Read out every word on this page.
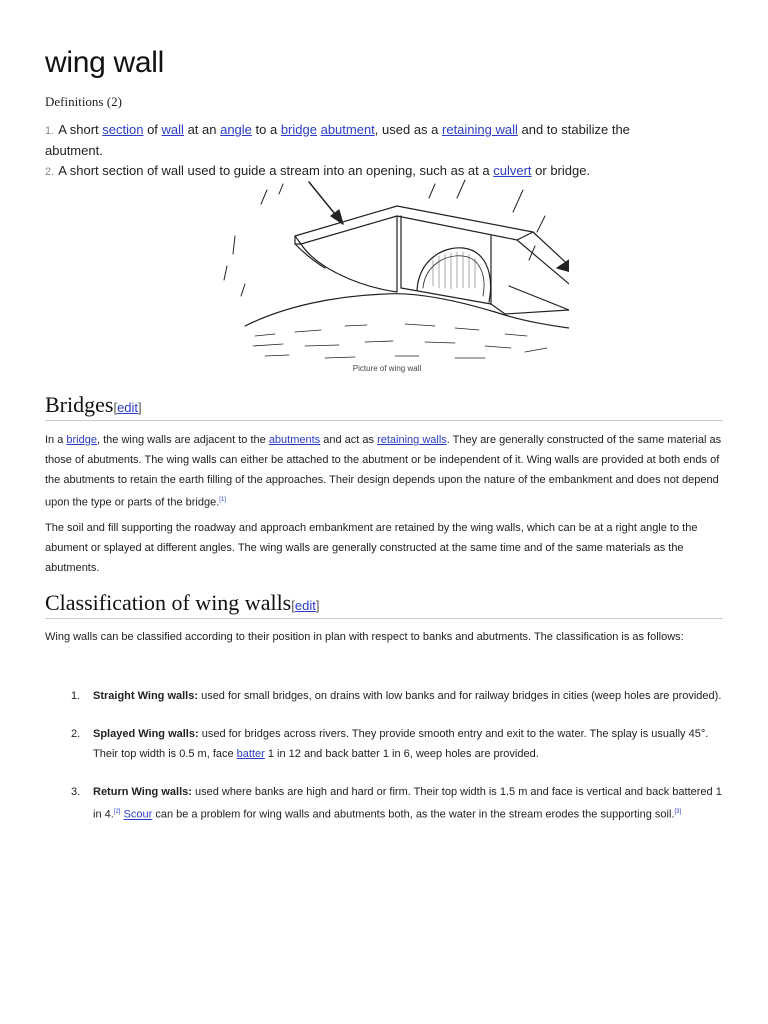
wing wall
Definitions (2)
1. A short section of wall at an angle to a bridge abutment, used as a retaining wall and to stabilize the abutment.
2. A short section of wall used to guide a stream into an opening, such as at a culvert or bridge.
Picture of wing wall
Bridges[edit]

In a bridge, the wing walls are adjacent to the abutments and act as retaining walls. They are generally constructed of the same material as those of abutments. The wing walls can either be attached to the abutment or be independent of it. Wing walls are provided at both ends of the abutments to retain the earth filling of the approaches. Their design depends upon the nature of the embankment and does not depend upon the type or parts of the bridge.[1]

The soil and fill supporting the roadway and approach embankment are retained by the wing walls, which can be at a right angle to the abument or splayed at different angles. The wing walls are generally constructed at the same time and of the same materials as the abutments.

Classification of wing walls[edit]

Wing walls can be classified according to their position in plan with respect to banks and abutments. The classification is as follows:

1. Straight Wing walls: used for small bridges, on drains with low banks and for railway bridges in cities (weep holes are provided).
2. Splayed Wing walls: used for bridges across rivers. They provide smooth entry and exit to the water. The splay is usually 45°. Their top width is 0.5 m, face batter 1 in 12 and back batter 1 in 6, weep holes are provided.
3. Return Wing walls: used where banks are high and hard or firm. Their top width is 1.5 m and face is vertical and back battered 1 in 4.[2] Scour can be a problem for wing walls and abutments both, as the water in the stream erodes the supporting soil.[3]
